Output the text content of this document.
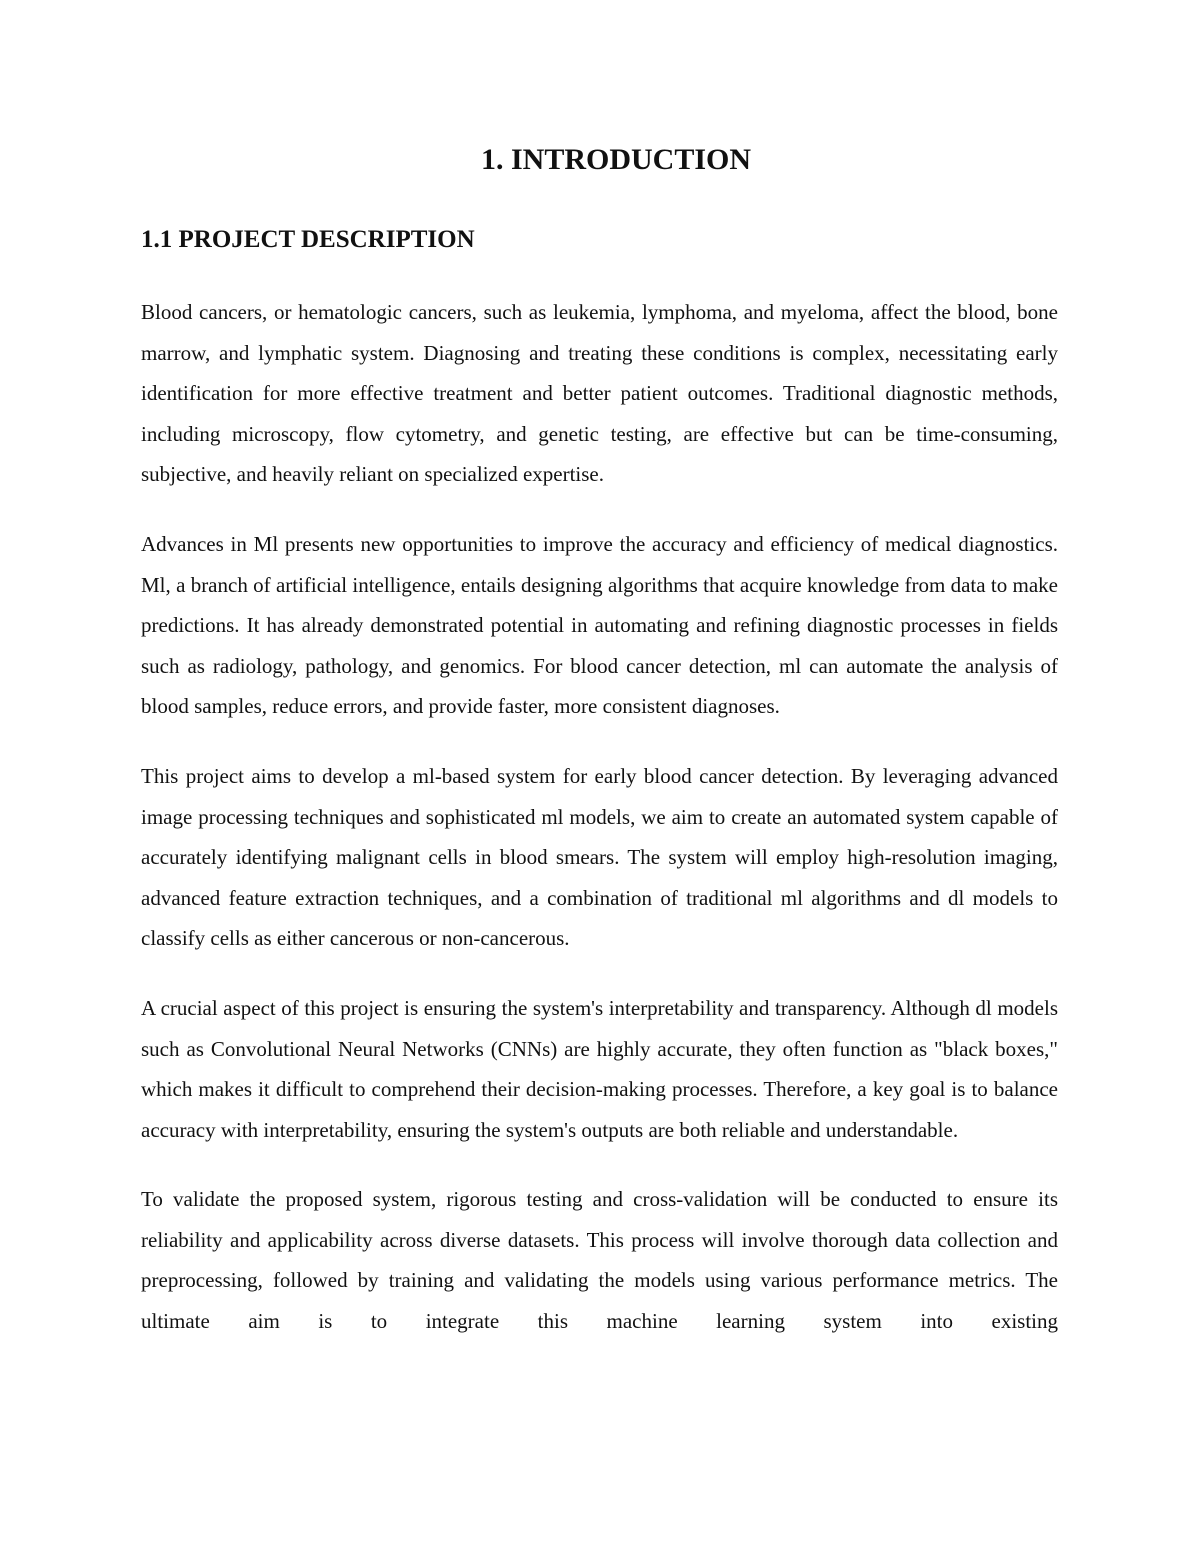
1. INTRODUCTION
1.1 PROJECT DESCRIPTION

Blood cancers, or hematologic cancers, such as leukemia, lymphoma, and myeloma, affect the blood, bone marrow, and lymphatic system. Diagnosing and treating these conditions is complex, necessitating early identification for more effective treatment and better patient outcomes. Traditional diagnostic methods, including microscopy, flow cytometry, and genetic testing, are effective but can be time-consuming, subjective, and heavily reliant on specialized expertise.

Advances in Ml presents new opportunities to improve the accuracy and efficiency of medical diagnostics. Ml, a branch of artificial intelligence, entails designing algorithms that acquire knowledge from data to make predictions. It has already demonstrated potential in automating and refining diagnostic processes in fields such as radiology, pathology, and genomics. For blood cancer detection, ml can automate the analysis of blood samples, reduce errors, and provide faster, more consistent diagnoses.

This project aims to develop a ml-based system for early blood cancer detection. By leveraging advanced image processing techniques and sophisticated ml models, we aim to create an automated system capable of accurately identifying malignant cells in blood smears. The system will employ high-resolution imaging, advanced feature extraction techniques, and a combination of traditional ml algorithms and dl models to classify cells as either cancerous or non-cancerous.

A crucial aspect of this project is ensuring the system's interpretability and transparency. Although dl models such as Convolutional Neural Networks (CNNs) are highly accurate, they often function as "black boxes," which makes it difficult to comprehend their decision-making processes. Therefore, a key goal is to balance accuracy with interpretability, ensuring the system's outputs are both reliable and understandable.

To validate the proposed system, rigorous testing and cross-validation will be conducted to ensure its reliability and applicability across diverse datasets. This process will involve thorough data collection and preprocessing, followed by training and validating the models using various performance metrics. The ultimate aim is to integrate this machine learning system into existing
